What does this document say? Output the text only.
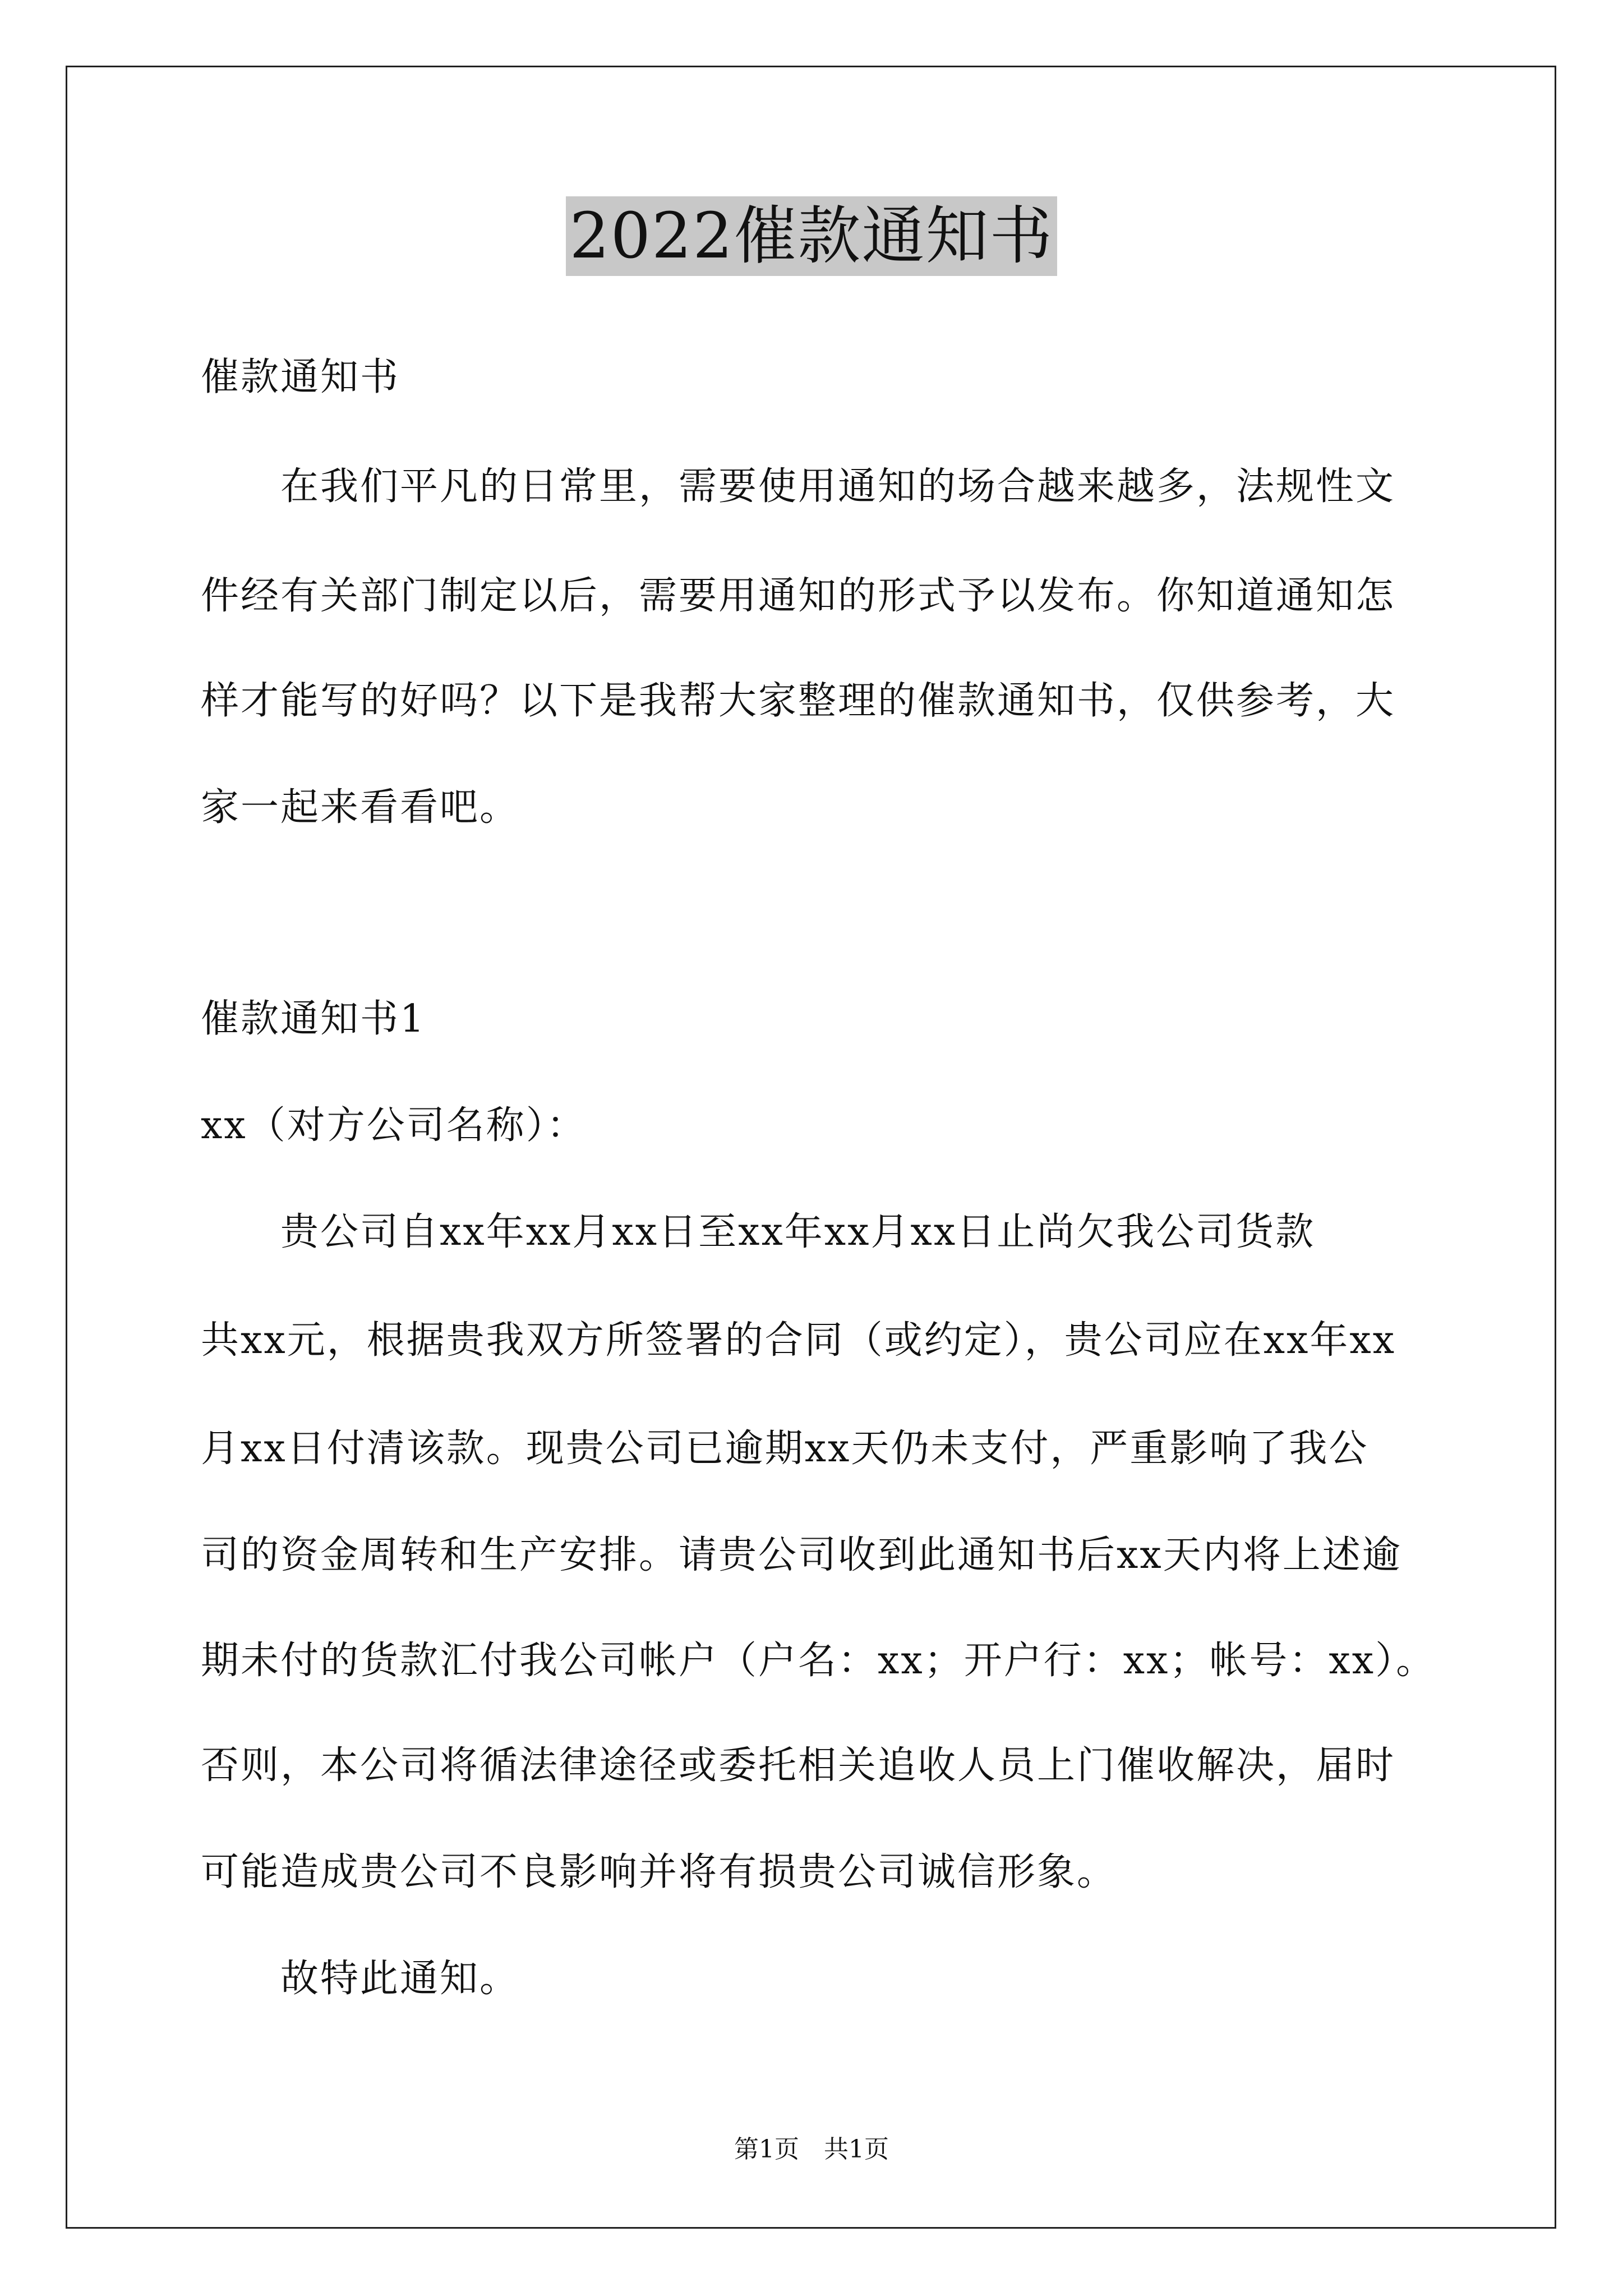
2022催款通知书
催款通知书
在我们平凡的日常里，需要使用通知的场合越来越多，法规性文
件经有关部门制定以后，需要用通知的形式予以发布。你知道通知怎
样才能写的好吗？以下是我帮大家整理的催款通知书，仅供参考，大
家一起来看看吧。
催款通知书1
xx（对方公司名称）：
贵公司自xx年xx月xx日至xx年xx月xx日止尚欠我公司货款
共xx元，根据贵我双方所签署的合同（或约定），贵公司应在xx年xx
月xx日付清该款。现贵公司已逾期xx天仍未支付，严重影响了我公
司的资金周转和生产安排。请贵公司收到此通知书后xx天内将上述逾
期未付的货款汇付我公司帐户（户名：xx；开户行：xx；帐号：xx）。
否则，本公司将循法律途径或委托相关追收人员上门催收解决，届时
可能造成贵公司不良影响并将有损贵公司诚信形象。
故特此通知。
第1页　共1页
